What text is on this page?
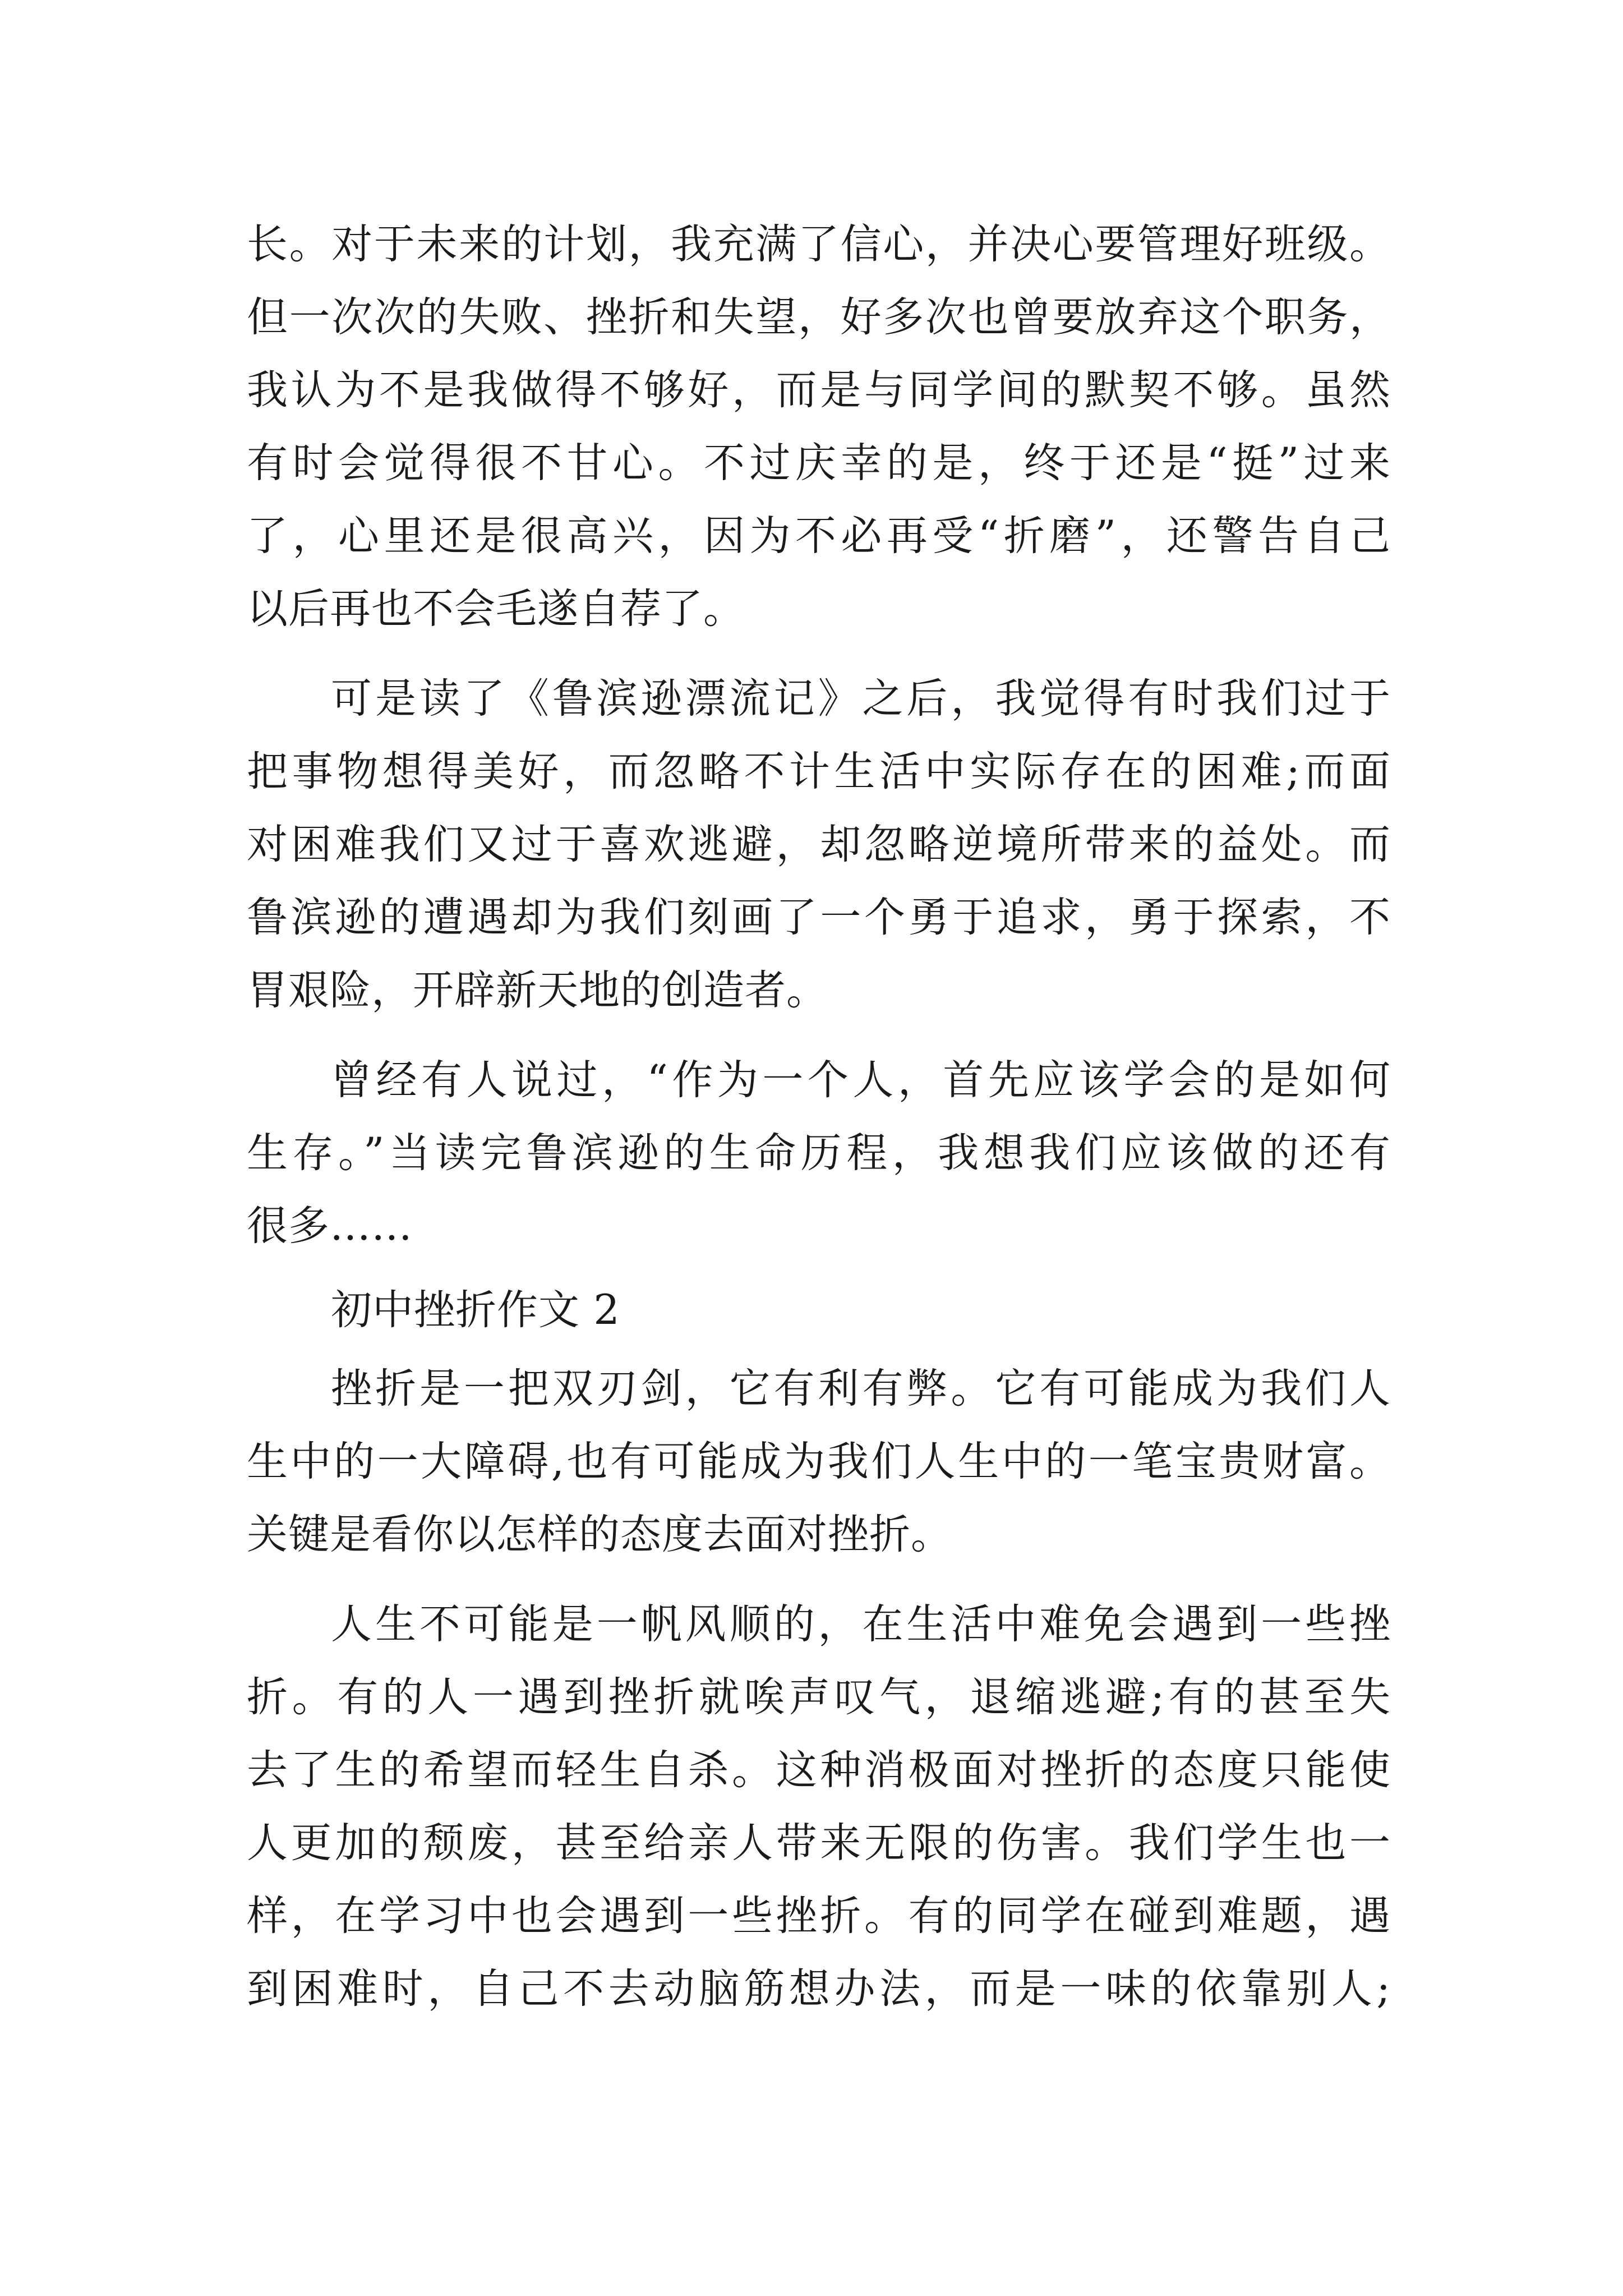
长。对于未来的计划，我充满了信心，并决心要管理好班级。
但一次次的失败、挫折和失望，好多次也曾要放弃这个职务，
我认为不是我做得不够好，而是与同学间的默契不够。虽然
有时会觉得很不甘心。不过庆幸的是，终于还是“挺”过来
了，心里还是很高兴，因为不必再受“折磨”，还警告自己
以后再也不会毛遂自荐了。
可是读了《鲁滨逊漂流记》之后，我觉得有时我们过于
把事物想得美好，而忽略不计生活中实际存在的困难;而面
对困难我们又过于喜欢逃避，却忽略逆境所带来的益处。而
鲁滨逊的遭遇却为我们刻画了一个勇于追求，勇于探索，不
胃艰险，开辟新天地的创造者。
曾经有人说过，“作为一个人，首先应该学会的是如何
生存。”当读完鲁滨逊的生命历程，我想我们应该做的还有
很多……
初中挫折作文 2
挫折是一把双刃剑，它有利有弊。它有可能成为我们人
生中的一大障碍,也有可能成为我们人生中的一笔宝贵财富。
关键是看你以怎样的态度去面对挫折。
人生不可能是一帆风顺的，在生活中难免会遇到一些挫
折。有的人一遇到挫折就唉声叹气，退缩逃避;有的甚至失
去了生的希望而轻生自杀。这种消极面对挫折的态度只能使
人更加的颓废，甚至给亲人带来无限的伤害。我们学生也一
样，在学习中也会遇到一些挫折。有的同学在碰到难题，遇
到困难时，自己不去动脑筋想办法，而是一味的依靠别人;
